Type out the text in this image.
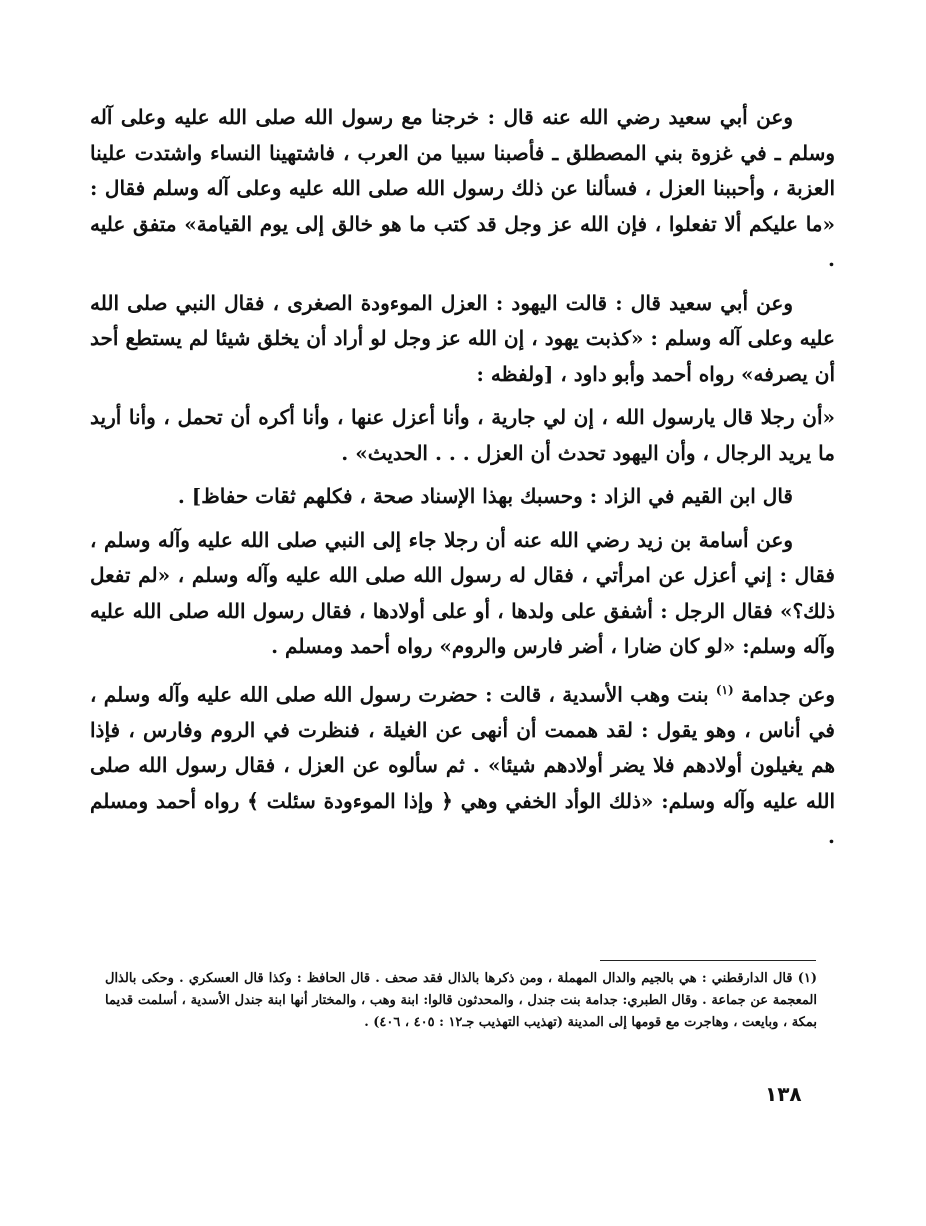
وعن أبي سعيد رضي الله عنه قال : خرجنا مع رسول الله صلى الله عليه وعلى آله وسلم ـ في غزوة بني المصطلق ـ فأصبنا سبيا من العرب ، فاشتهينا النساء واشتدت علينا العزبة ، وأحببنا العزل ، فسألنا عن ذلك رسول الله صلى الله عليه وعلى آله وسلم فقال : «ما عليكم ألا تفعلوا ، فإن الله عز وجل قد كتب ما هو خالق إلى يوم القيامة» متفق عليه .

وعن أبي سعيد قال : قالت اليهود : العزل الموءودة الصغرى ، فقال النبي صلى الله عليه وعلى آله وسلم : «كذبت يهود ، إن الله عز وجل لو أراد أن يخلق شيئا لم يستطع أحد أن يصرفه» رواه أحمد وأبو داود ، [ولفظه :

«أن رجلا قال يارسول الله ، إن لي جارية ، وأنا أعزل عنها ، وأنا أكره أن تحمل ، وأنا أريد ما يريد الرجال ، وأن اليهود تحدث أن العزل . . . الحديث» .

قال ابن القيم في الزاد : وحسبك بهذا الإسناد صحة ، فكلهم ثقات حفاظ] .

وعن أسامة بن زيد رضي الله عنه أن رجلا جاء إلى النبي صلى الله عليه وآله وسلم ، فقال : إني أعزل عن امرأتي ، فقال له رسول الله صلى الله عليه وآله وسلم ، «لم تفعل ذلك؟» فقال الرجل : أشفق على ولدها ، أو على أولادها ، فقال رسول الله صلى الله عليه وآله وسلم: «لو كان ضارا ، أضر فارس والروم» رواه أحمد ومسلم .

وعن جدامة $^{(١)}$ بنت وهب الأسدية ، قالت : حضرت رسول الله صلى الله عليه وآله وسلم ، في أناس ، وهو يقول : لقد هممت أن أنهى عن الغيلة ، فنظرت في الروم وفارس ، فإذا هم يغيلون أولادهم فلا يضر أولادهم شيئا» . ثم سألوه عن العزل ، فقال رسول الله صلى الله عليه وآله وسلم: «ذلك الوأد الخفي وهي ﴿ وإذا الموءودة سئلت ﴾ رواه أحمد ومسلم .

(١) قال الدارقطني : هي بالجيم والدال المهملة ، ومن ذكرها بالذال فقد صحف . قال الحافظ : وكذا قال العسكري . وحكى بالذال المعجمة عن جماعة . وقال الطبري: جدامة بنت جندل ، والمحدثون قالوا: ابنة وهب ، والمختار أنها ابنة جندل الأسدية ، أسلمت قديما بمكة ، وبايعت ، وهاجرت مع قومها إلى المدينة (تهذيب التهذيب جـ١٢ : ٤٠٥ ، ٤٠٦) .

١٣٨
